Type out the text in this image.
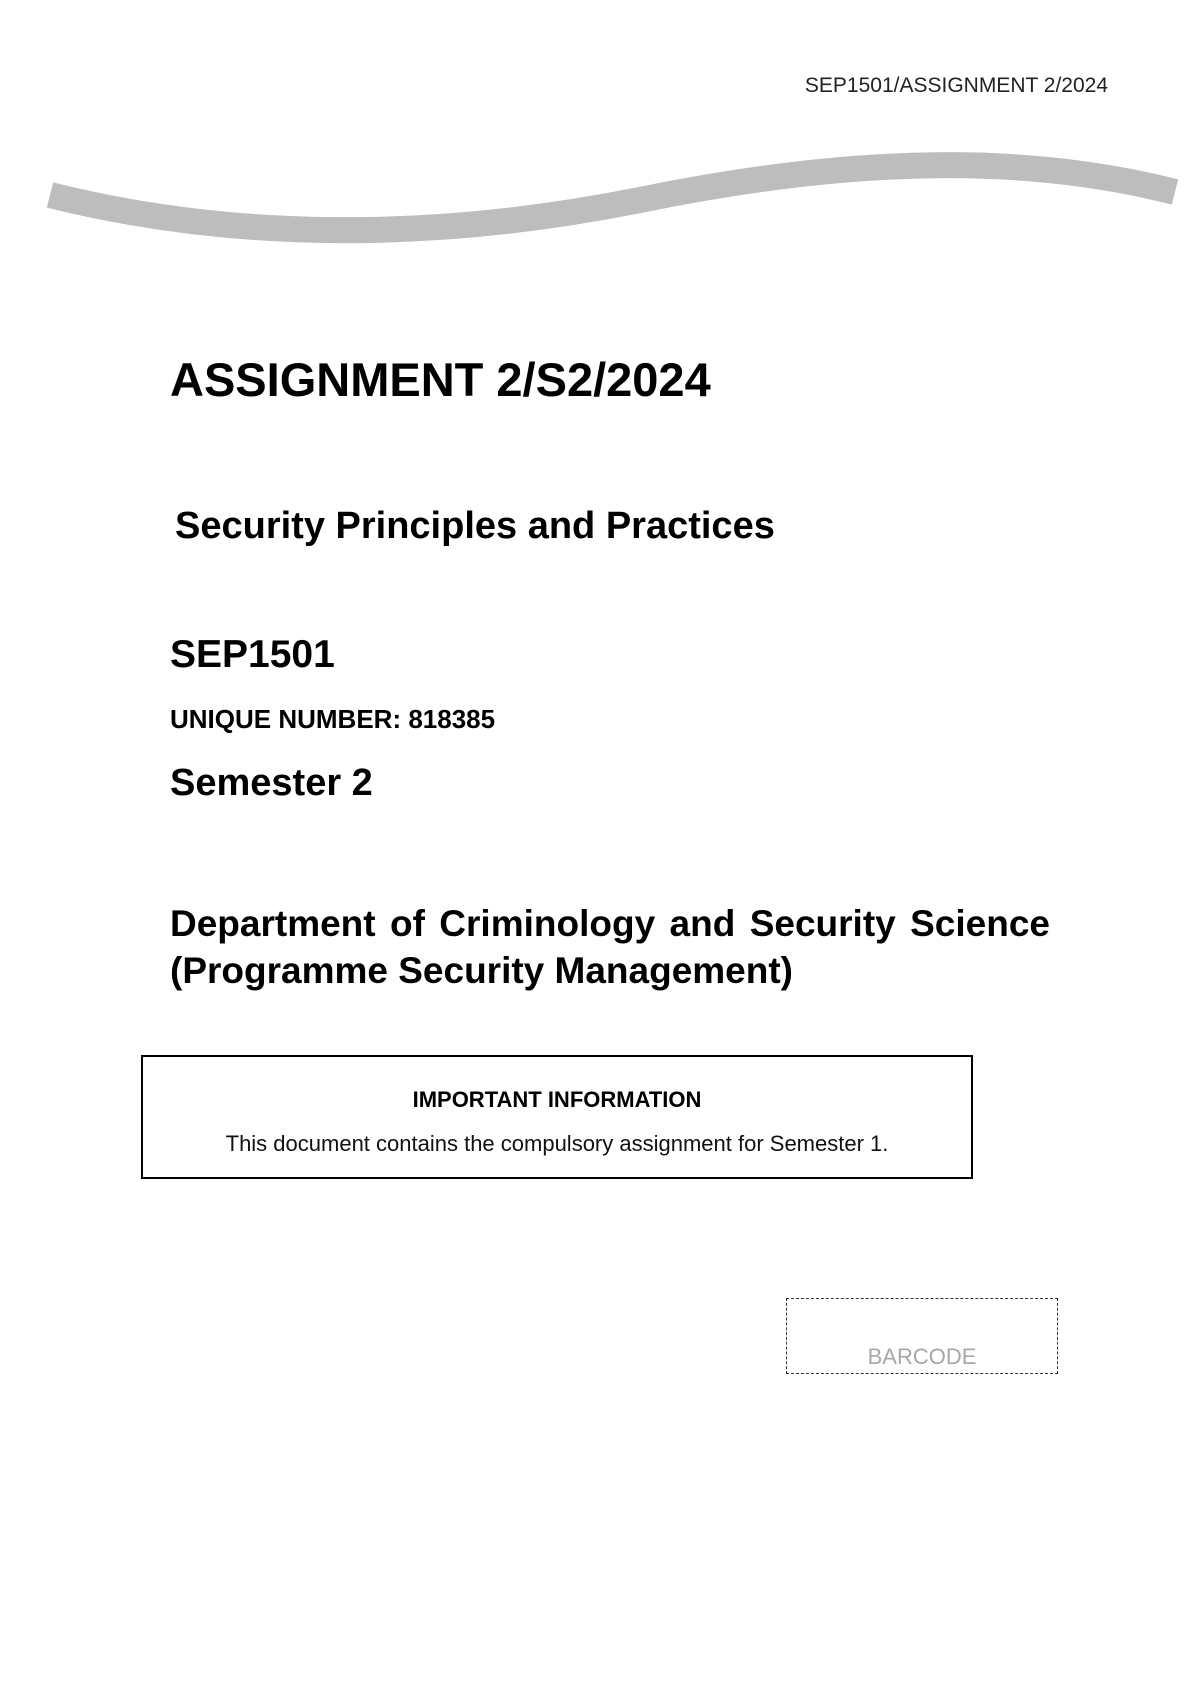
SEP1501/ASSIGNMENT 2/2024
ASSIGNMENT 2/S2/2024
Security Principles and Practices
SEP1501
UNIQUE NUMBER: 818385
Semester 2
Department of Criminology and Security Science (Programme Security Management)
IMPORTANT INFORMATION
This document contains the compulsory assignment for Semester 1.
BARCODE
